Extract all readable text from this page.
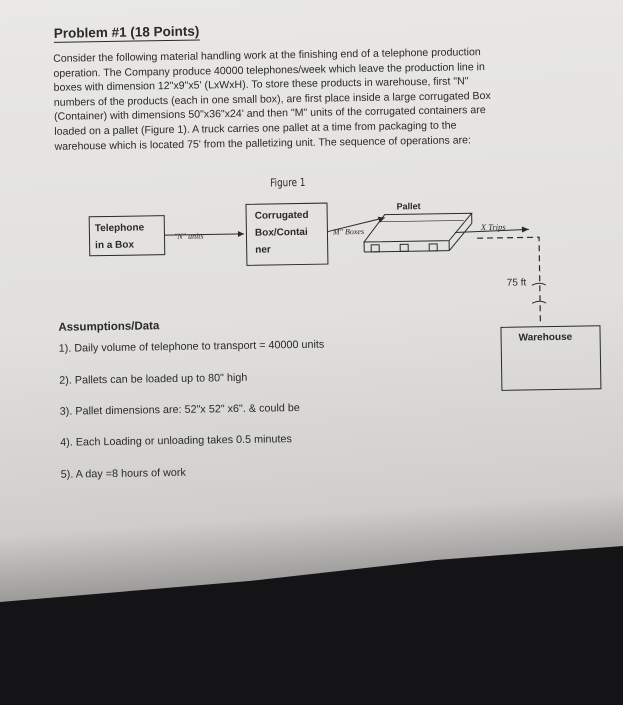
Problem #1 (18 Points)

Consider the following material handling work at the finishing end of a telephone production
operation. The Company produce 40000 telephones/week which leave the production line in
boxes with dimension 12"x9"x5' (LxWxH). To store these products in warehouse, first "N"
numbers of the products (each in one small box), are first place inside a large corrugated Box
(Container) with dimensions 50"x36"x24' and then "M" units of the corrugated containers are
loaded on a pallet (Figure 1). A truck carries one pallet at a time from packaging to the
warehouse which is located 75' from the palletizing unit. The sequence of operations are:

Figure 1
Telephone
in a Box
"N" units
Corrugated
Box/Contai
ner
M" Boxes
Pallet
X Trips
75 ft
Warehouse
Assumptions/Data
1). Daily volume of telephone to transport = 40000 units
2). Pallets can be loaded up to 80" high
3). Pallet dimensions are: 52"x 52" x6". & could be
4). Each Loading or unloading takes 0.5 minutes
5). A day =8 hours of work
